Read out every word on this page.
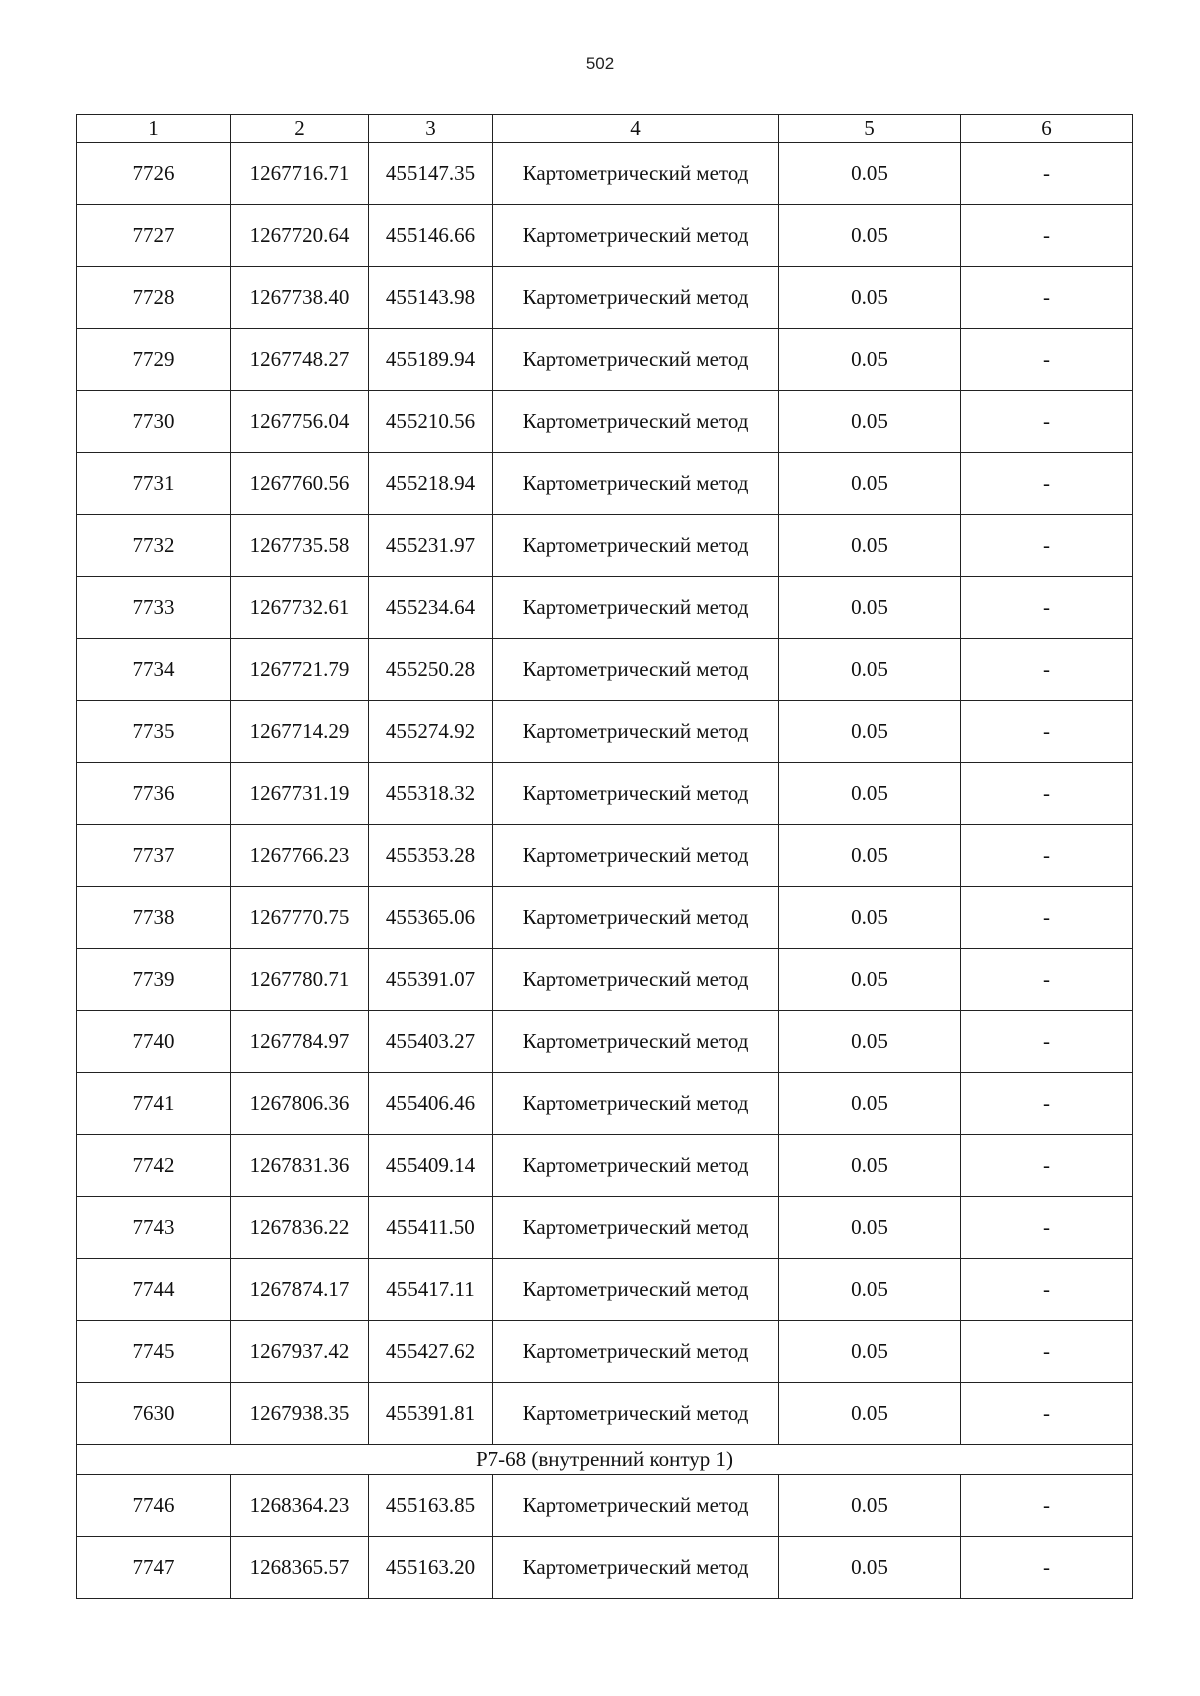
502
1	2	3	4	5	6
7726	1267716.71	455147.35	Картометрический метод	0.05	-
7727	1267720.64	455146.66	Картометрический метод	0.05	-
7728	1267738.40	455143.98	Картометрический метод	0.05	-
7729	1267748.27	455189.94	Картометрический метод	0.05	-
7730	1267756.04	455210.56	Картометрический метод	0.05	-
7731	1267760.56	455218.94	Картометрический метод	0.05	-
7732	1267735.58	455231.97	Картометрический метод	0.05	-
7733	1267732.61	455234.64	Картометрический метод	0.05	-
7734	1267721.79	455250.28	Картометрический метод	0.05	-
7735	1267714.29	455274.92	Картометрический метод	0.05	-
7736	1267731.19	455318.32	Картометрический метод	0.05	-
7737	1267766.23	455353.28	Картометрический метод	0.05	-
7738	1267770.75	455365.06	Картометрический метод	0.05	-
7739	1267780.71	455391.07	Картометрический метод	0.05	-
7740	1267784.97	455403.27	Картометрический метод	0.05	-
7741	1267806.36	455406.46	Картометрический метод	0.05	-
7742	1267831.36	455409.14	Картометрический метод	0.05	-
7743	1267836.22	455411.50	Картометрический метод	0.05	-
7744	1267874.17	455417.11	Картометрический метод	0.05	-
7745	1267937.42	455427.62	Картометрический метод	0.05	-
7630	1267938.35	455391.81	Картометрический метод	0.05	-
Р7-68 (внутренний контур 1)					
7746	1268364.23	455163.85	Картометрический метод	0.05	-
7747	1268365.57	455163.20	Картометрический метод	0.05	-
